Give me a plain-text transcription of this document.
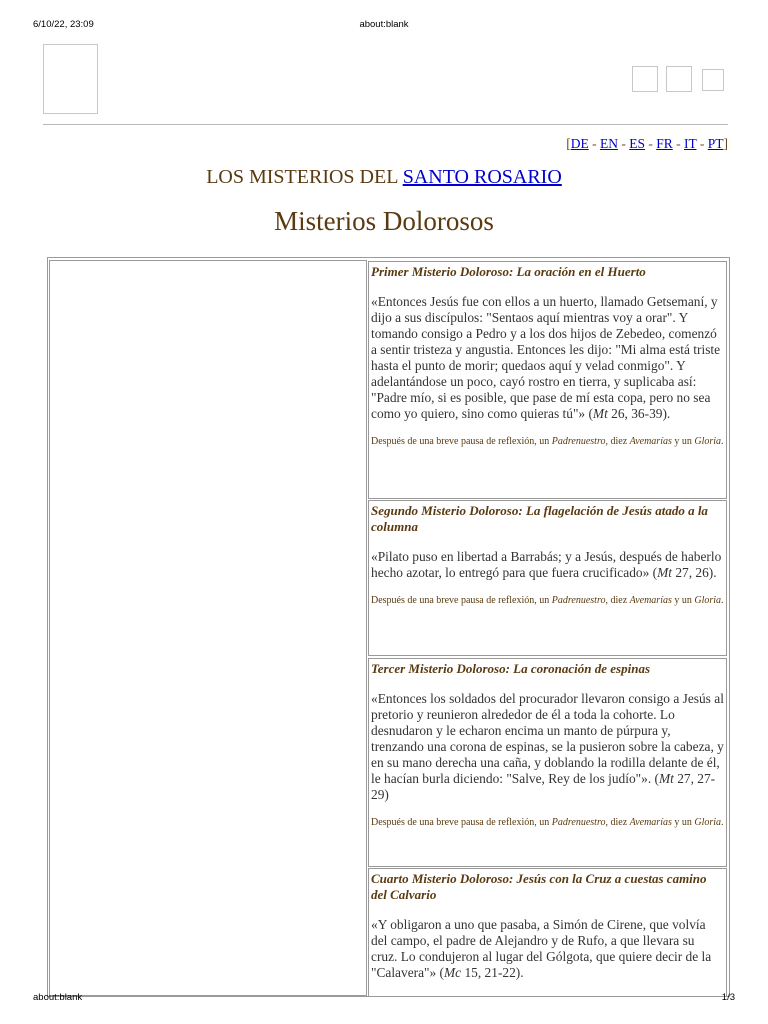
6/10/22, 23:09	about:blank
[DE - EN - ES - FR - IT - PT]
LOS MISTERIOS DEL SANTO ROSARIO
Misterios Dolorosos
Primer Misterio Doloroso: La oración en el Huerto

«Entonces Jesús fue con ellos a un huerto, llamado Getsemaní, y dijo a sus discípulos: "Sentaos aquí mientras voy a orar". Y tomando consigo a Pedro y a los dos hijos de Zebedeo, comenzó a sentir tristeza y angustia. Entonces les dijo: "Mi alma está triste hasta el punto de morir; quedaos aquí y velad conmigo". Y adelantándose un poco, cayó rostro en tierra, y suplicaba así: "Padre mío, si es posible, que pase de mí esta copa, pero no sea como yo quiero, sino como quieras tú"» (Mt 26, 36-39).

Después de una breve pausa de reflexión, un Padrenuestro, diez Avemarías y un Gloria.

Segundo Misterio Doloroso: La flagelación de Jesús atado a la columna

«Pilato puso en libertad a Barrabás; y a Jesús, después de haberlo hecho azotar, lo entregó para que fuera crucificado» (Mt 27, 26).

Después de una breve pausa de reflexión, un Padrenuestro, diez Avemarías y un Gloria.

Tercer Misterio Doloroso: La coronación de espinas

«Entonces los soldados del procurador llevaron consigo a Jesús al pretorio y reunieron alrededor de él a toda la cohorte. Lo desnudaron y le echaron encima un manto de púrpura y, trenzando una corona de espinas, se la pusieron sobre la cabeza, y en su mano derecha una caña, y doblando la rodilla delante de él, le hacían burla diciendo: "Salve, Rey de los judío"». (Mt 27, 27-29)

Después de una breve pausa de reflexión, un Padrenuestro, diez Avemarías y un Gloria.

Cuarto Misterio Doloroso: Jesús con la Cruz a cuestas camino del Calvario

«Y obligaron a uno que pasaba, a Simón de Cirene, que volvía del campo, el padre de Alejandro y de Rufo, a que llevara su cruz. Lo condujeron al lugar del Gólgota, que quiere decir de la "Calavera"» (Mc 15, 21-22).

about:blank	1/3
